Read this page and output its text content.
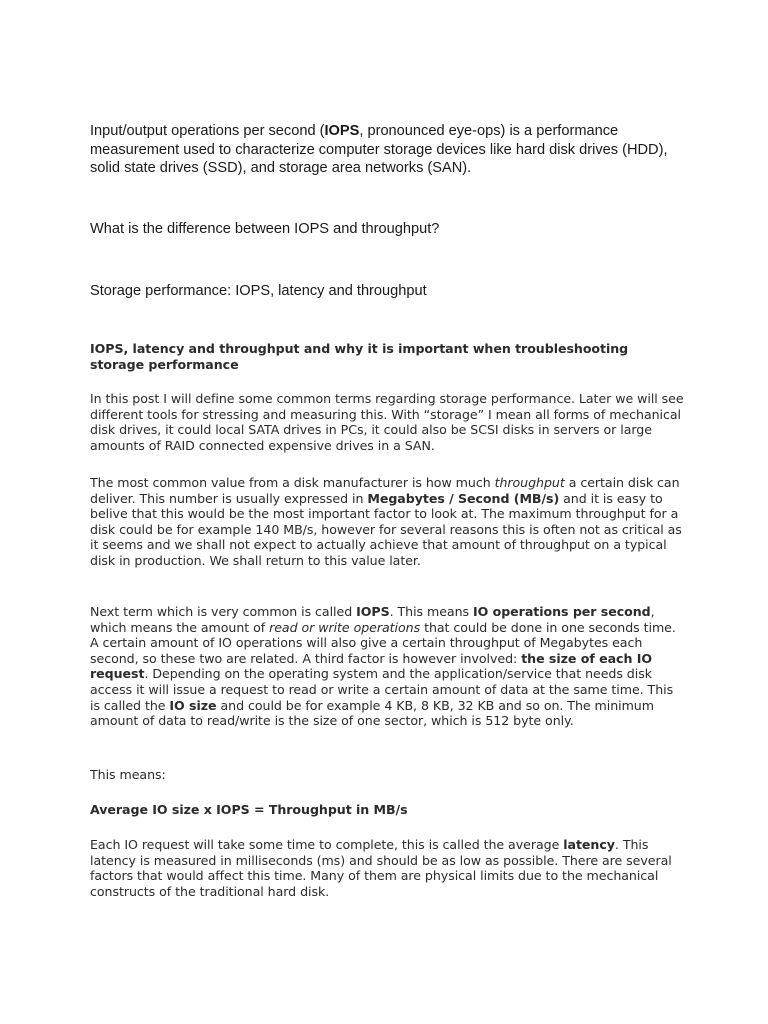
Input/output operations per second (IOPS, pronounced eye-ops) is a performance measurement used to characterize computer storage devices like hard disk drives (HDD), solid state drives (SSD), and storage area networks (SAN).

What is the difference between IOPS and throughput?

Storage performance: IOPS, latency and throughput

IOPS, latency and throughput and why it is important when troubleshooting storage performance

In this post I will define some common terms regarding storage performance. Later we will see different tools for stressing and measuring this. With “storage” I mean all forms of mechanical disk drives, it could local SATA drives in PCs, it could also be SCSI disks in servers or large amounts of RAID connected expensive drives in a SAN.

The most common value from a disk manufacturer is how much throughput a certain disk can deliver. This number is usually expressed in Megabytes / Second (MB/s) and it is easy to belive that this would be the most important factor to look at. The maximum throughput for a disk could be for example 140 MB/s, however for several reasons this is often not as critical as it seems and we shall not expect to actually achieve that amount of throughput on a typical disk in production. We shall return to this value later.

Next term which is very common is called IOPS. This means IO operations per second, which means the amount of read or write operations that could be done in one seconds time. A certain amount of IO operations will also give a certain throughput of Megabytes each second, so these two are related. A third factor is however involved: the size of each IO request. Depending on the operating system and the application/service that needs disk access it will issue a request to read or write a certain amount of data at the same time. This is called the IO size and could be for example 4 KB, 8 KB, 32 KB and so on. The minimum amount of data to read/write is the size of one sector, which is 512 byte only.

This means:

Average IO size x IOPS = Throughput in MB/s

Each IO request will take some time to complete, this is called the average latency. This latency is measured in milliseconds (ms) and should be as low as possible. There are several factors that would affect this time. Many of them are physical limits due to the mechanical constructs of the traditional hard disk.
